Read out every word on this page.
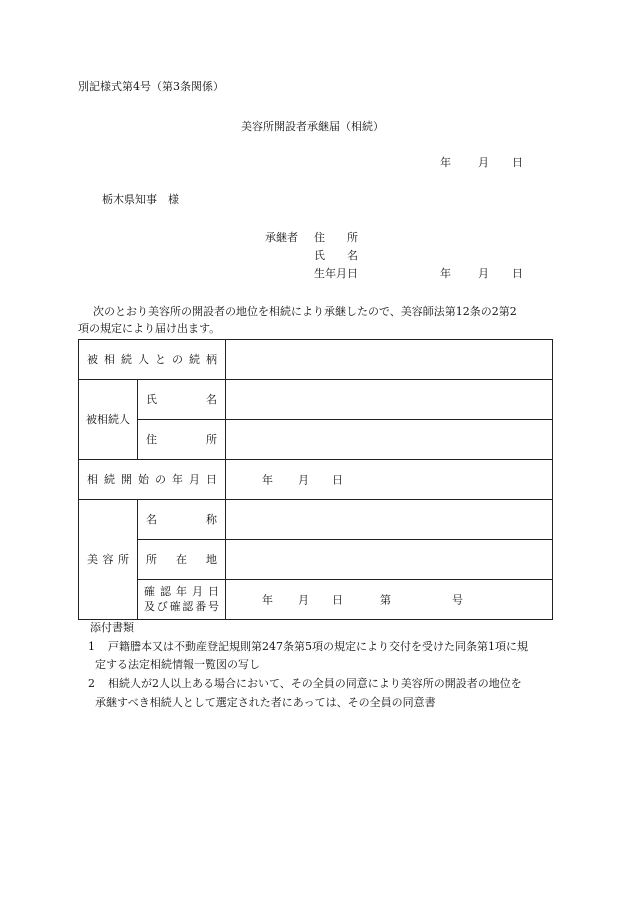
別記様式第4号（第3条関係）
美容所開設者承継届（相続）
年 月 日
栃木県知事　様
承継者 住　　所
氏　　名
生年月日	年 月 日
次のとおり美容所の開設者の地位を相続により承継したので、美容師法第12条の2第2
項の規定により届け出ます。
被相続人との続柄		
被相続人	氏名	
	住所	
相続開始の年月日		年 月 日

美容所	名称	
	所在地	

	確認年月日
及び確認番号	年 月 日 第 号
添付書類
1 戸籍謄本又は不動産登記規則第247条第5項の規定により交付を受けた同条第1項に規
定する法定相続情報一覧図の写し
2 相続人が2人以上ある場合において、その全員の同意により美容所の開設者の地位を
承継すべき相続人として選定された者にあっては、その全員の同意書
